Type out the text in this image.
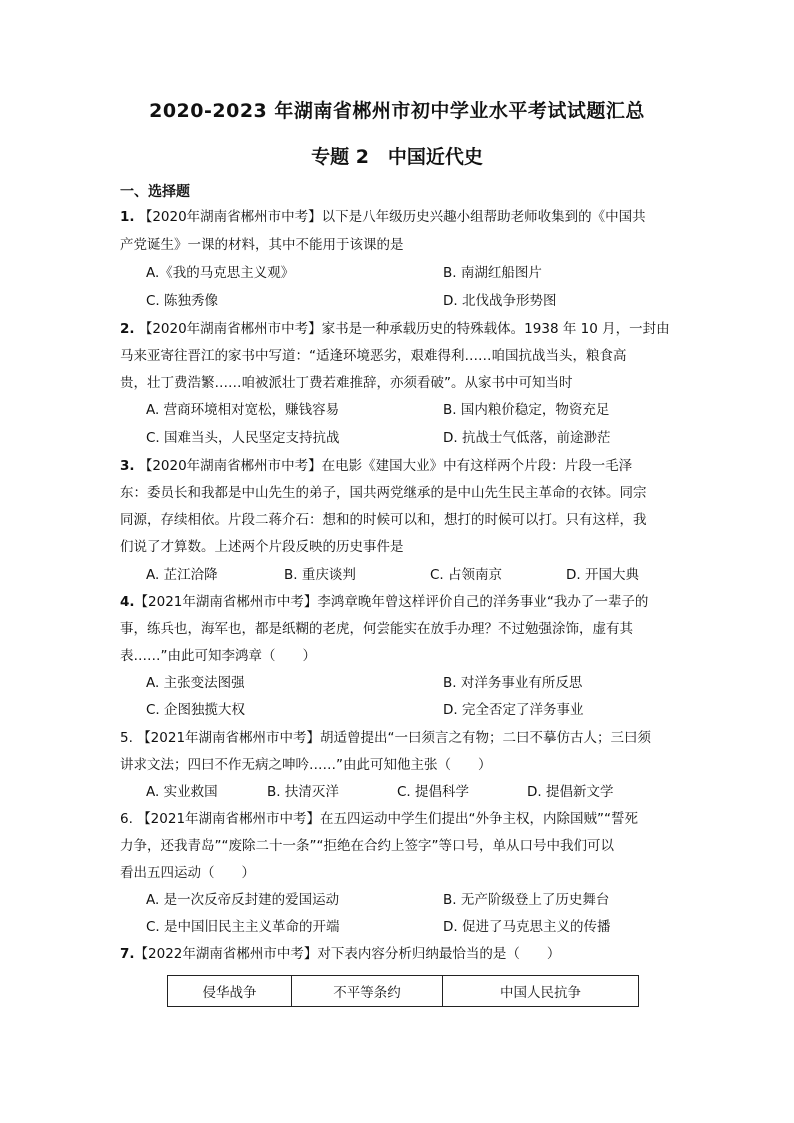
2020-2023 年湖南省郴州市初中学业水平考试试题汇总
专题 2　中国近代史
一、选择题
1. 【2020年湖南省郴州市中考】以下是八年级历史兴趣小组帮助老师收集到的《中国共
产党诞生》一课的材料，其中不能用于该课的是
A.《我的马克思主义观》	B. 南湖红船图片
C. 陈独秀像	D. 北伐战争形势图
2. 【2020年湖南省郴州市中考】家书是一种承载历史的特殊载体。1938 年 10 月，一封由
马来亚寄往晋江的家书中写道：“适逢环境恶劣，艰难得利……咱国抗战当头，粮食高
贵，壮丁费浩繁……咱被派壮丁费若难推辞，亦须看破”。从家书中可知当时
A. 营商环境相对宽松，赚钱容易	B. 国内粮价稳定，物资充足
C. 国难当头，人民坚定支持抗战	D. 抗战士气低落，前途渺茫
3. 【2020年湖南省郴州市中考】在电影《建国大业》中有这样两个片段：片段一毛泽
东：委员长和我都是中山先生的弟子，国共两党继承的是中山先生民主革命的衣钵。同宗
同源，存续相依。片段二蒋介石：想和的时候可以和，想打的时候可以打。只有这样，我
们说了才算数。上述两个片段反映的历史事件是
A. 芷江洽降	B. 重庆谈判	C. 占领南京	D. 开国大典
4.【2021年湖南省郴州市中考】李鸿章晚年曾这样评价自己的洋务事业“我办了一辈子的
事，练兵也，海军也，都是纸糊的老虎，何尝能实在放手办理？不过勉强涂饰，虚有其
表……”由此可知李鸿章（　　）
A. 主张变法图强	B. 对洋务事业有所反思
C. 企图独揽大权	D. 完全否定了洋务事业
5. 【2021年湖南省郴州市中考】胡适曾提出“一曰须言之有物；二曰不摹仿古人；三曰须
讲求文法；四曰不作无病之呻吟……”由此可知他主张（　　）
A. 实业救国	B. 扶清灭洋	C. 提倡科学	D. 提倡新文学
6. 【2021年湖南省郴州市中考】在五四运动中学生们提出“外争主权，内除国贼”“誓死
力争，还我青岛”“废除二十一条”“拒绝在合约上签字”等口号，单从口号中我们可以
看出五四运动（　　）
A. 是一次反帝反封建的爱国运动	B. 无产阶级登上了历史舞台
C. 是中国旧民主主义革命的开端	D. 促进了马克思主义的传播
7.【2022年湖南省郴州市中考】对下表内容分析归纳最恰当的是（　　）
侵华战争	不平等条约	中国人民抗争
